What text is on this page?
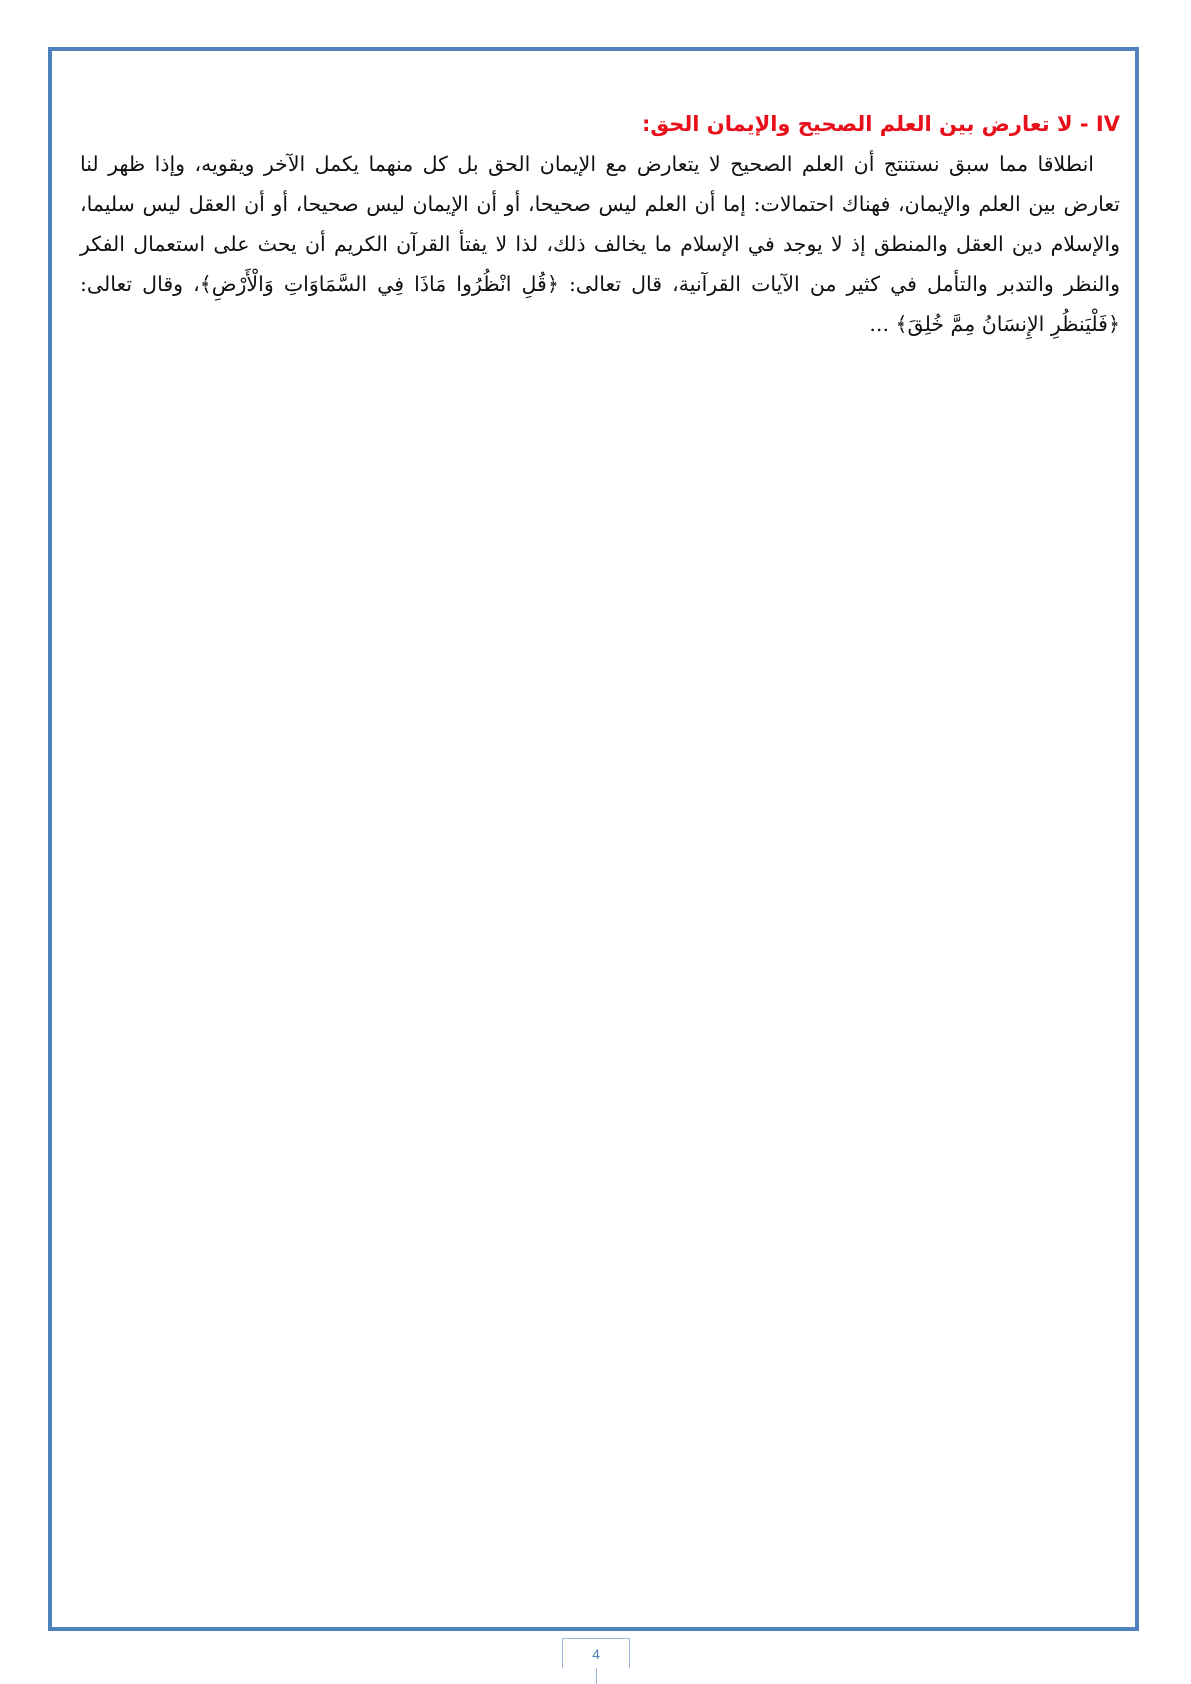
IV - لا تعارض بين العلم الصحيح والإيمان الحق:

انطلاقا مما سبق نستنتج أن العلم الصحيح لا يتعارض مع الإيمان الحق بل كل منهما يكمل الآخر ويقويه، وإذا ظهر لنا تعارض بين العلم والإيمان، فهناك احتمالات: إما أن العلم ليس صحيحا، أو أن الإيمان ليس صحيحا، أو أن العقل ليس سليما، والإسلام دين العقل والمنطق إذ لا يوجد في الإسلام ما يخالف ذلك، لذا لا يفتأ القرآن الكريم أن يحث على استعمال الفكر والنظر والتدبر والتأمل في كثير من الآيات القرآنية، قال تعالى: ﴿قُلِ انْظُرُوا مَاذَا فِي السَّمَاوَاتِ وَالْأَرْضِ﴾، وقال تعالى: ﴿فَلْيَنظُرِ الإِنسَانُ مِمَّ خُلِقَ﴾ ...

4
